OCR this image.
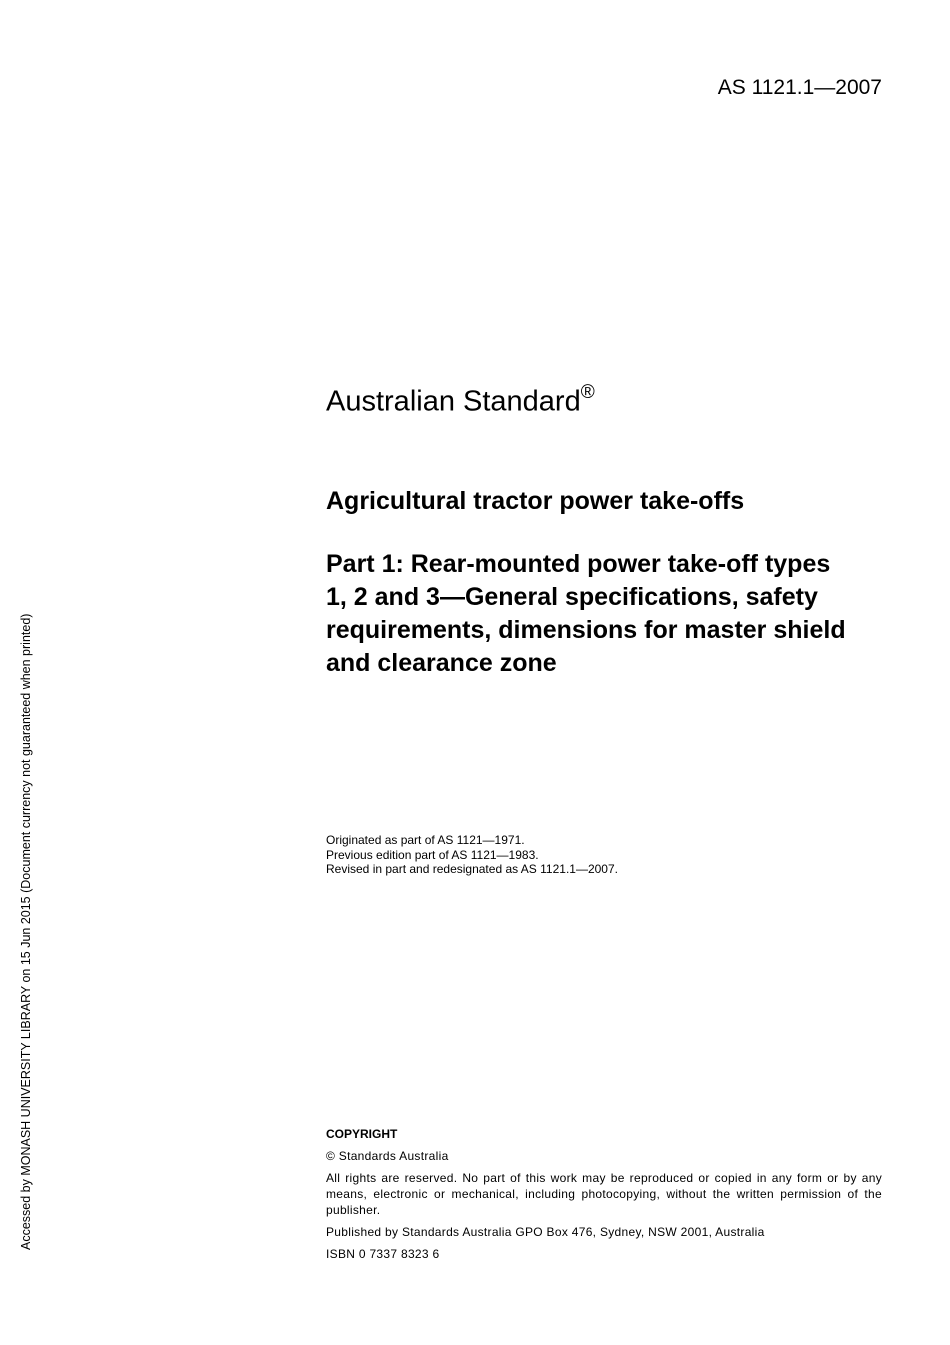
AS 1121.1—2007
Accessed by MONASH UNIVERSITY LIBRARY on 15 Jun 2015 (Document currency not guaranteed when printed)
Australian Standard®
Agricultural tractor power take-offs
Part 1: Rear-mounted power take-off types 1, 2 and 3—General specifications, safety requirements, dimensions for master shield and clearance zone
Originated as part of AS 1121—1971.
Previous edition part of AS 1121—1983.
Revised in part and redesignated as AS 1121.1—2007.
COPYRIGHT

© Standards Australia

All rights are reserved. No part of this work may be reproduced or copied in any form or by any means, electronic or mechanical, including photocopying, without the written permission of the publisher.

Published by Standards Australia GPO Box 476, Sydney, NSW 2001, Australia

ISBN 0 7337 8323 6
